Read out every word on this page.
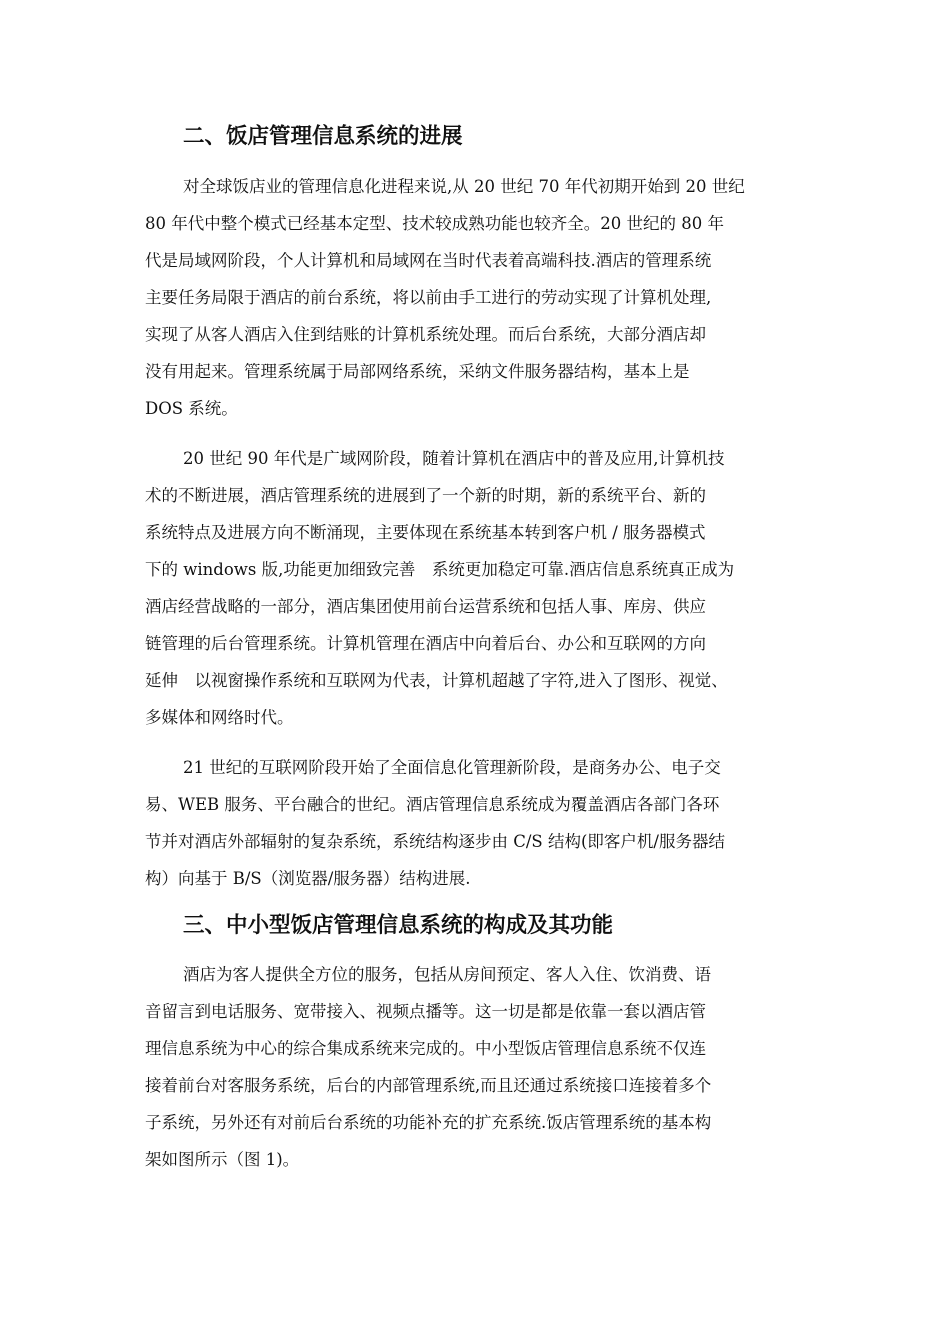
二、饭店管理信息系统的进展
对全球饭店业的管理信息化进程来说,从 20 世纪 70 年代初期开始到 20 世纪
80 年代中整个模式已经基本定型、技术较成熟功能也较齐全。20 世纪的 80 年
代是局域网阶段，个人计算机和局域网在当时代表着高端科技.酒店的管理系统
主要任务局限于酒店的前台系统，将以前由手工进行的劳动实现了计算机处理,
实现了从客人酒店入住到结账的计算机系统处理。而后台系统，大部分酒店却
没有用起来。管理系统属于局部网络系统，采纳文件服务器结构，基本上是
DOS 系统。
20 世纪 90 年代是广域网阶段，随着计算机在酒店中的普及应用,计算机技
术的不断进展，酒店管理系统的进展到了一个新的时期，新的系统平台、新的
系统特点及进展方向不断涌现，主要体现在系统基本转到客户机 / 服务器模式
下的 windows 版,功能更加细致完善　系统更加稳定可靠.酒店信息系统真正成为
酒店经营战略的一部分，酒店集团使用前台运营系统和包括人事、库房、供应
链管理的后台管理系统。计算机管理在酒店中向着后台、办公和互联网的方向
延伸　以视窗操作系统和互联网为代表，计算机超越了字符,进入了图形、视觉、
多媒体和网络时代。
21 世纪的互联网阶段开始了全面信息化管理新阶段，是商务办公、电子交
易、WEB 服务、平台融合的世纪。酒店管理信息系统成为覆盖酒店各部门各环
节并对酒店外部辐射的复杂系统，系统结构逐步由 C/S 结构(即客户机/服务器结
构）向基于 B/S（浏览器/服务器）结构进展.
三、中小型饭店管理信息系统的构成及其功能
酒店为客人提供全方位的服务，包括从房间预定、客人入住、饮消费、语
音留言到电话服务、宽带接入、视频点播等。这一切是都是依靠一套以酒店管
理信息系统为中心的综合集成系统来完成的。中小型饭店管理信息系统不仅连
接着前台对客服务系统，后台的内部管理系统,而且还通过系统接口连接着多个
子系统，另外还有对前后台系统的功能补充的扩充系统.饭店管理系统的基本构
架如图所示（图 1)。
